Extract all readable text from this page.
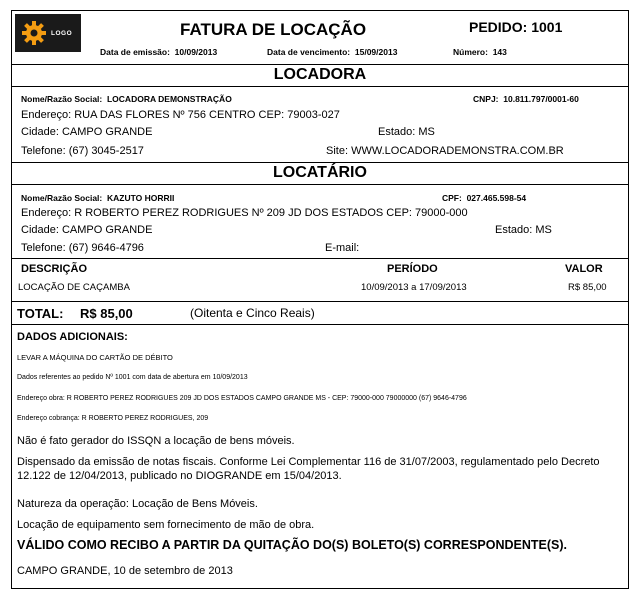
LOGO	FATURA DE LOCAÇÃO	PEDIDO: 1001
Data de emissão: 10/09/2013	Data de vencimento: 15/09/2013	Número: 143
LOCADORA
Nome/Razão Social: LOCADORA DEMONSTRAÇÃO	CNPJ: 10.811.797/0001-60
Endereço: RUA DAS FLORES Nº 756 CENTRO CEP: 79003-027
Cidade: CAMPO GRANDE	Estado: MS
Telefone: (67) 3045-2517	Site: WWW.LOCADORADEMONSTRA.COM.BR
LOCATÁRIO
Nome/Razão Social: KAZUTO HORRII	CPF: 027.465.598-54
Endereço: R ROBERTO PEREZ RODRIGUES Nº 209 JD DOS ESTADOS CEP: 79000-000
Cidade: CAMPO GRANDE	Estado: MS
Telefone: (67) 9646-4796	E-mail:
DESCRIÇÃO	PERÍODO	VALOR
LOCAÇÃO DE CAÇAMBA	10/09/2013 a 17/09/2013	R$ 85,00
TOTAL: R$ 85,00	(Oitenta e Cinco Reais)
DADOS ADICIONAIS:
LEVAR A MÁQUINA DO CARTÃO DE DÉBITO
Dados referentes ao pedido Nº 1001 com data de abertura em 10/09/2013
Endereço obra: R ROBERTO PEREZ RODRIGUES 209 JD DOS ESTADOS CAMPO GRANDE MS - CEP: 79000-000 79000000 (67) 9646-4796
Endereço cobrança: R ROBERTO PEREZ RODRIGUES, 209
Não é fato gerador do ISSQN a locação de bens móveis.
Dispensado da emissão de notas fiscais. Conforme Lei Complementar 116 de 31/07/2003, regulamentado pelo Decreto
12.122 de 12/04/2013, publicado no DIOGRANDE em 15/04/2013.
Natureza da operação: Locação de Bens Móveis.
Locação de equipamento sem fornecimento de mão de obra.
VÁLIDO COMO RECIBO A PARTIR DA QUITAÇÃO DO(S) BOLETO(S) CORRESPONDENTE(S).
CAMPO GRANDE, 10 de setembro de 2013
